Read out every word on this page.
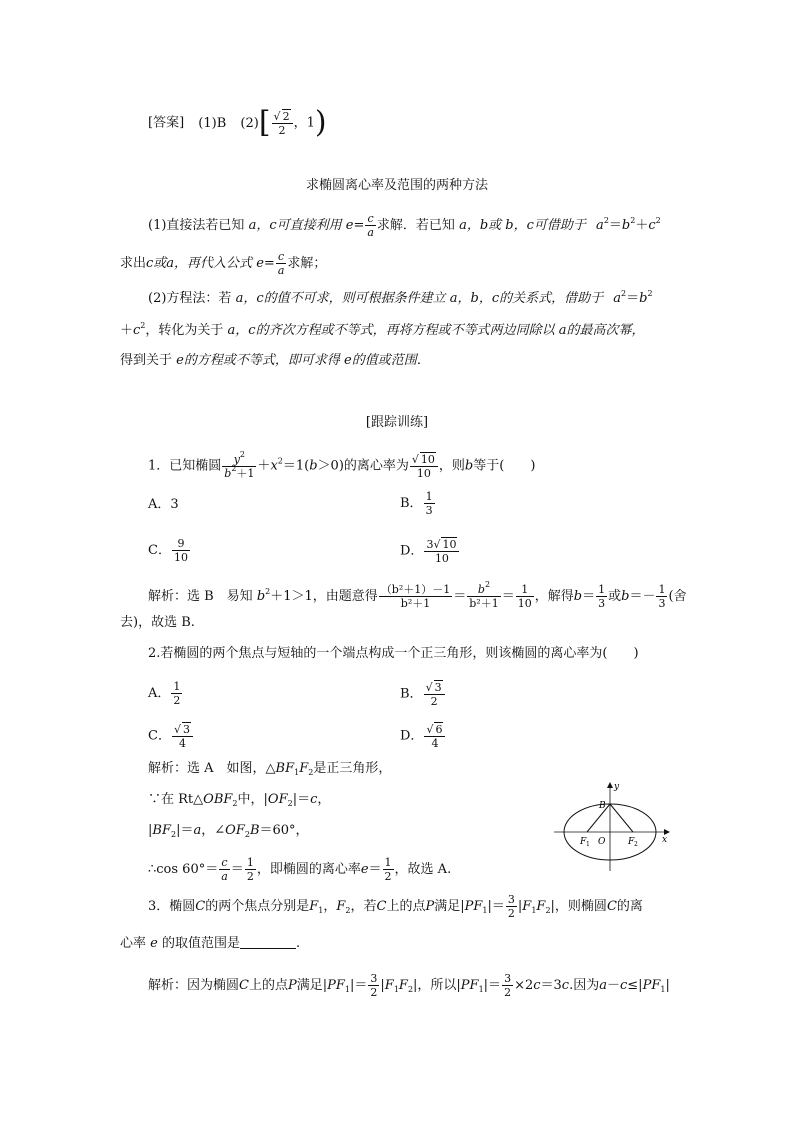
[答案] (1)B $(2)[ \frac{√ 2}{2}$ ，1)
求椭圆离心率及范围的两种方法
(1)直接法若已知 a，c可直接利用 $e= \frac{c}{a}$ 求解．若已知 a，b或 b，c可借助于 $a^2=b^2+c^2$
求出c或a，再代入公式 $e= \frac{c}{a}$ 求解；
(2)方程法：若 a，c的值不可求，则可根据条件建立 a，b，c的关系式，借助于 $a^2=b^2$
$+c^2$，转化为关于 a，c的齐次方程或不等式，再将方程或不等式两边同除以 a的最高次幂，
得到关于 e的方程或不等式，即可求得 e的值或范围．
[跟踪训练]
1．已知椭圆 $\frac{y^2}{b^2+1} +x^2=1(b>0)$的离心率为 $\frac{√ 10}{10}$ ，则b等于(　　)
A．3	B． $\frac{1}{3}$
C． $\frac{9}{10}$	D． $\frac{3√ 10}{10}$
解析：选 B　易知 $b^2+1>1$，由题意得 $\frac{\text{（b²＋1）－1}}{\text{b²＋1}} = \frac{b^2}{\text{b²＋1}} = \frac{1}{10}$ ，解得$b= \frac{1}{3}$ 或$b=- \frac{1}{3}$ (舍
去)，故选 B.
2.若椭圆的两个焦点与短轴的一个端点构成一个正三角形，则该椭圆的离心率为(　　)
A． $\frac{1}{2}$	B． $\frac{√ 3}{2}$
C． $\frac{√ 3}{4}$	D． $\frac{√ 6}{4}$
解析：选 A　如图，$\triangle BF_1F_2$是正三角形，
∵在 $Rt\triangle OBF_2$中，$|OF_2|=c$，
$|BF_2|=a$，$\angle OF_2B=60^\circ$，
∴cos $60^\circ= \frac{c}{a} = \frac{1}{2}$ ，即椭圆的离心率$e= \frac{1}{2}$ ，故选 A.
y
x
B
O
F 1	F 2
3．椭圆C的两个焦点分别是$F_1$，$F_2$，若C上的点P满足$|PF_1|= \frac{3}{2} |F_1F_2|$，则椭圆C的离
心率 e 的取值范围是	.
解析：因为椭圆C上的点P满足$|PF_1|= \frac{3}{2} |F_1F_2|$，所以$|PF_1|= \frac{3}{2} \times 2c=3c$.因为$a-c\le|PF_1|$
